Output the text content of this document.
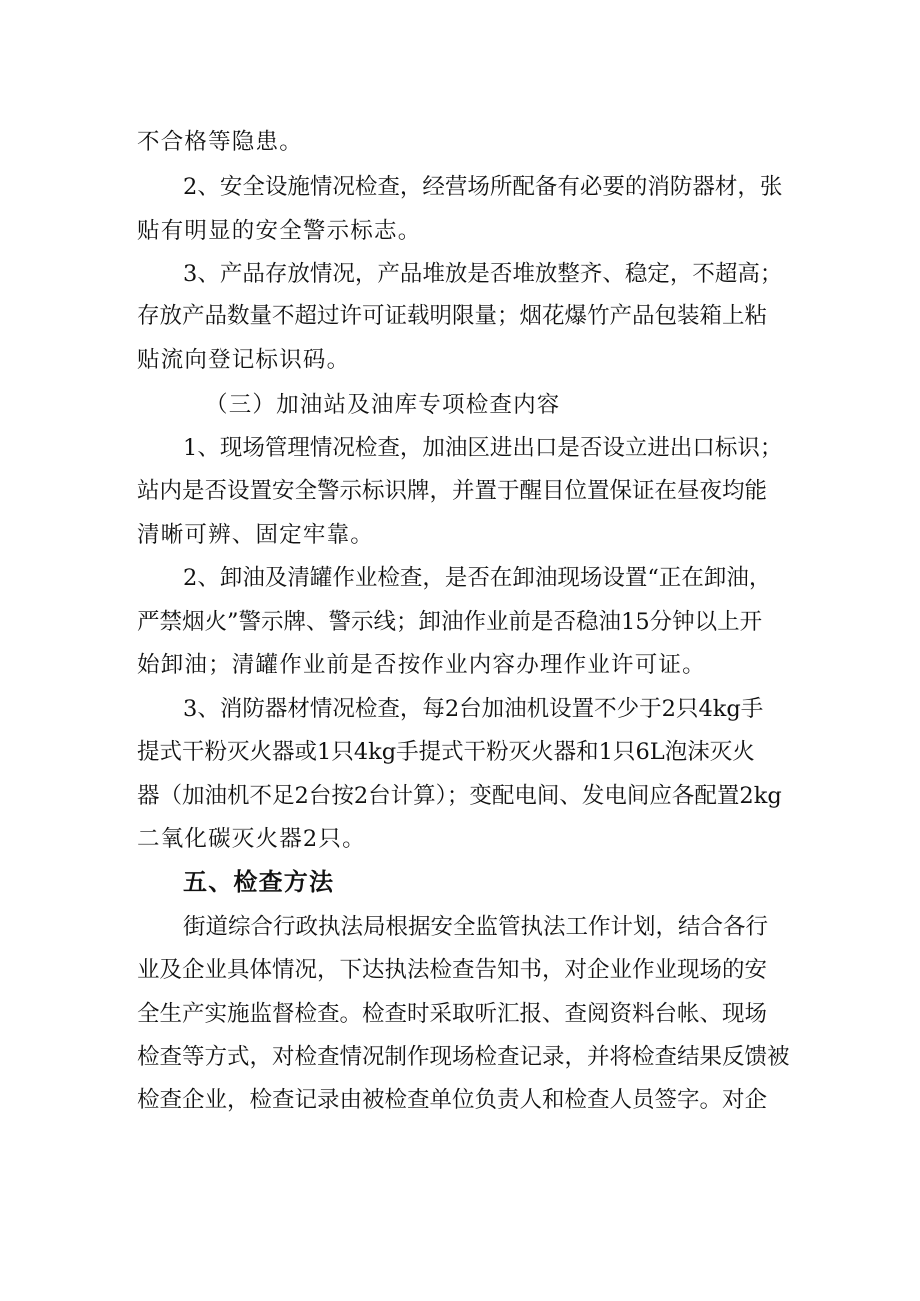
不合格等隐患。
2、安全设施情况检查，经营场所配备有必要的消防器材，张
贴有明显的安全警示标志。
3、产品存放情况，产品堆放是否堆放整齐、稳定，不超高；
存放产品数量不超过许可证载明限量；烟花爆竹产品包装箱上粘
贴流向登记标识码。
（三）加油站及油库专项检查内容
1、现场管理情况检查，加油区进出口是否设立进出口标识；
站内是否设置安全警示标识牌，并置于醒目位置保证在昼夜均能
清晰可辨、固定牢靠。
2、卸油及清罐作业检查，是否在卸油现场设置“正在卸油，
严禁烟火”警示牌、警示线；卸油作业前是否稳油15分钟以上开
始卸油；清罐作业前是否按作业内容办理作业许可证。
3、消防器材情况检查，每2台加油机设置不少于2只4kg手
提式干粉灭火器或1只4kg手提式干粉灭火器和1只6L泡沫灭火
器（加油机不足2台按2台计算）；变配电间、发电间应各配置2kg
二氧化碳灭火器2只。
五、检查方法
街道综合行政执法局根据安全监管执法工作计划，结合各行
业及企业具体情况，下达执法检查告知书，对企业作业现场的安
全生产实施监督检查。检查时采取听汇报、查阅资料台帐、现场
检查等方式，对检查情况制作现场检查记录，并将检查结果反馈被
检查企业，检查记录由被检查单位负责人和检查人员签字。对企
